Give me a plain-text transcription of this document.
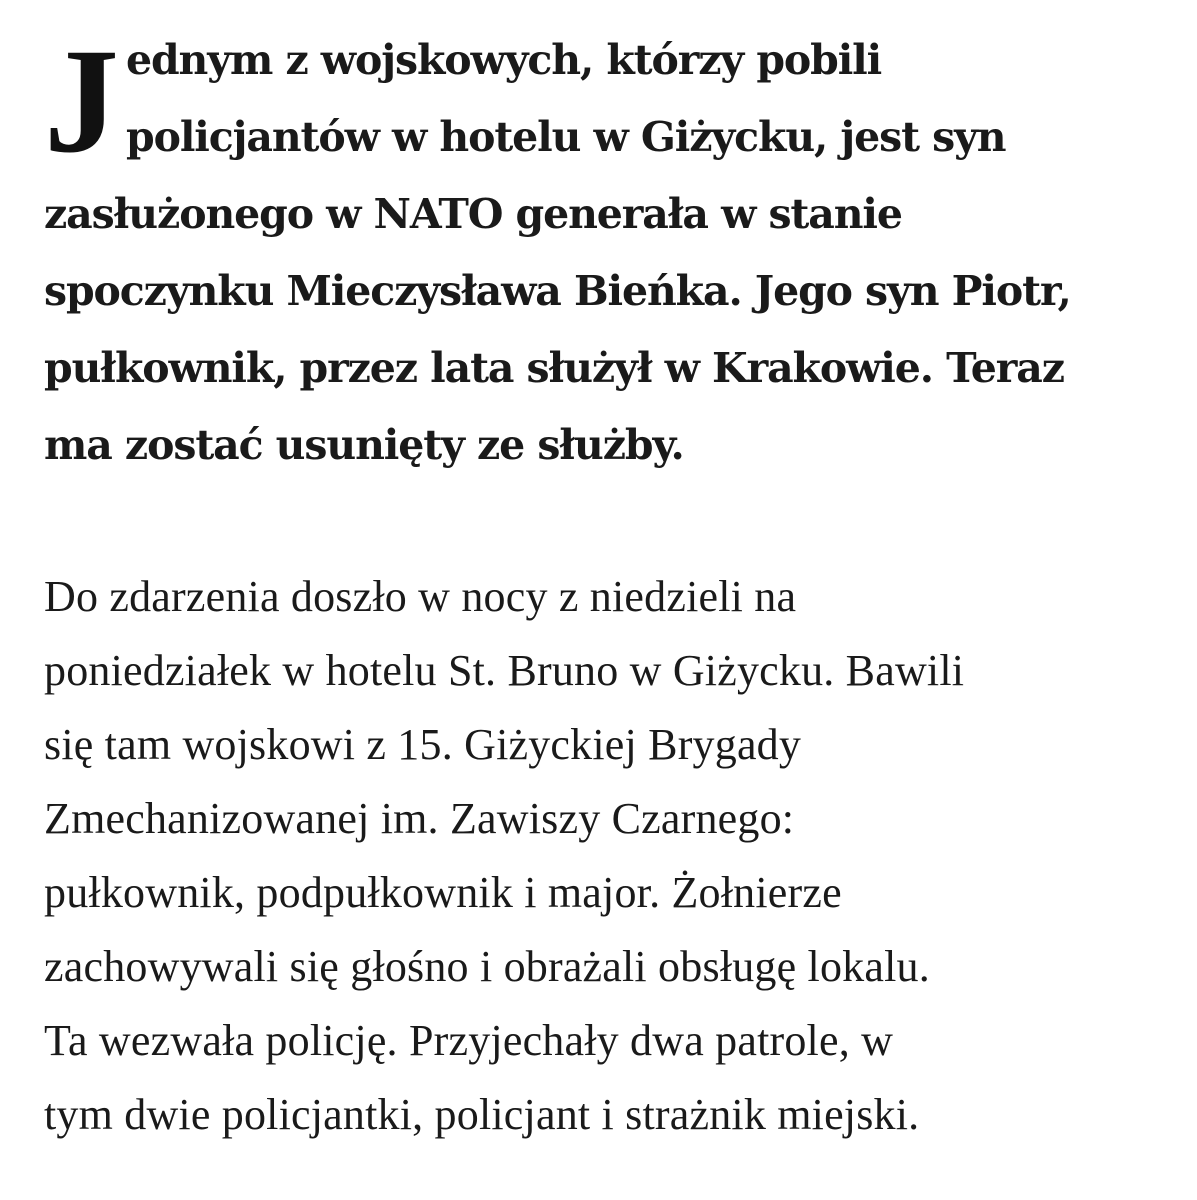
J ednym z wojskowych, którzy pobili
policjantów w hotelu w Giżycku, jest syn
zasłużonego w NATO generała w stanie
spoczynku Mieczysława Bieńka. Jego syn Piotr,
pułkownik, przez lata służył w Krakowie. Teraz
ma zostać usunięty ze służby.

Do zdarzenia doszło w nocy z niedzieli na
poniedziałek w hotelu St. Bruno w Giżycku. Bawili
się tam wojskowi z 15. Giżyckiej Brygady
Zmechanizowanej im. Zawiszy Czarnego:
pułkownik, podpułkownik i major. Żołnierze
zachowywali się głośno i obrażali obsługę lokalu.
Ta wezwała policję. Przyjechały dwa patrole, w
tym dwie policjantki, policjant i strażnik miejski.
